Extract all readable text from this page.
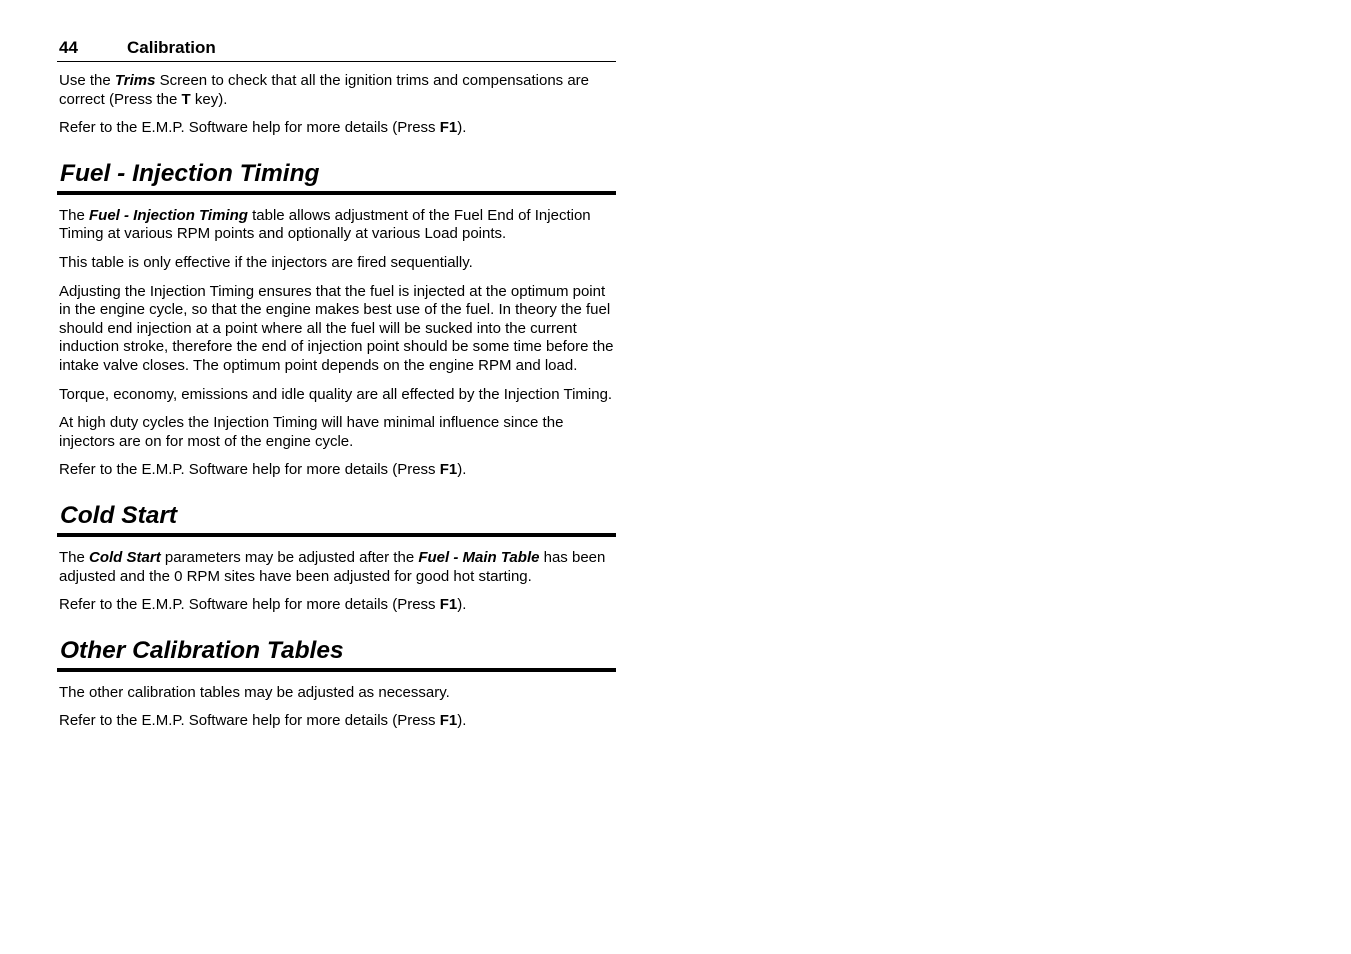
44	Calibration

Use the Trims Screen to check that all the ignition trims and compensations are correct (Press the T key).

Refer to the E.M.P. Software help for more details (Press F1).

Fuel - Injection Timing

The Fuel - Injection Timing table allows adjustment of the Fuel End of Injection Timing at various RPM points and optionally at various Load points.

This table is only effective if the injectors are fired sequentially.

Adjusting the Injection Timing ensures that the fuel is injected at the optimum point in the engine cycle, so that the engine makes best use of the fuel. In theory the fuel should end injection at a point where all the fuel will be sucked into the current induction stroke, therefore the end of injection point should be some time before the intake valve closes. The optimum point depends on the engine RPM and load.

Torque, economy, emissions and idle quality are all effected by the Injection Timing.

At high duty cycles the Injection Timing will have minimal influence since the injectors are on for most of the engine cycle.

Refer to the E.M.P. Software help for more details (Press F1).

Cold Start

The Cold Start parameters may be adjusted after the Fuel - Main Table has been adjusted and the 0 RPM sites have been adjusted for good hot starting.

Refer to the E.M.P. Software help for more details (Press F1).

Other Calibration Tables

The other calibration tables may be adjusted as necessary.

Refer to the E.M.P. Software help for more details (Press F1).
